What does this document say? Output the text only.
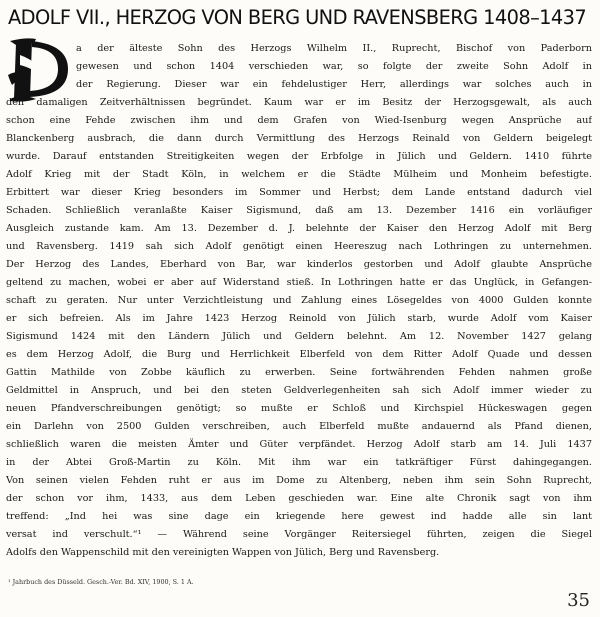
ADOLF VII., HERZOG VON BERG UND RAVENSBERG 1408–1437
D
a der älteste Sohn des Herzogs Wilhelm II., Ruprecht, Bischof von Paderborn
gewesen und schon 1404 verschieden war, so folgte der zweite Sohn Adolf in
der Regierung. Dieser war ein fehdelustiger Herr, allerdings war solches auch in
den damaligen Zeitverhältnissen begründet. Kaum war er im Besitz der Herzogsgewalt, als auch
schon eine Fehde zwischen ihm und dem Grafen von Wied-Isenburg wegen Ansprüche auf
Blanckenberg ausbrach, die dann durch Vermittlung des Herzogs Reinald von Geldern beigelegt
wurde. Darauf entstanden Streitigkeiten wegen der Erbfolge in Jülich und Geldern. 1410 führte
Adolf Krieg mit der Stadt Köln, in welchem er die Städte Mülheim und Monheim befestigte.
Erbittert war dieser Krieg besonders im Sommer und Herbst; dem Lande entstand dadurch viel
Schaden. Schließlich veranlaßte Kaiser Sigismund, daß am 13. Dezember 1416 ein vorläufiger
Ausgleich zustande kam. Am 13. Dezember d. J. belehnte der Kaiser den Herzog Adolf mit Berg
und Ravensberg. 1419 sah sich Adolf genötigt einen Heereszug nach Lothringen zu unternehmen.
Der Herzog des Landes, Eberhard von Bar, war kinderlos gestorben und Adolf glaubte Ansprüche
geltend zu machen, wobei er aber auf Widerstand stieß. In Lothringen hatte er das Unglück, in Gefangen-
schaft zu geraten. Nur unter Verzichtleistung und Zahlung eines Lösegeldes von 4000 Gulden konnte
er sich befreien. Als im Jahre 1423 Herzog Reinold von Jülich starb, wurde Adolf vom Kaiser
Sigismund 1424 mit den Ländern Jülich und Geldern belehnt. Am 12. November 1427 gelang
es dem Herzog Adolf, die Burg und Herrlichkeit Elberfeld von dem Ritter Adolf Quade und dessen
Gattin Mathilde von Zobbe käuflich zu erwerben. Seine fortwährenden Fehden nahmen große
Geldmittel in Anspruch, und bei den steten Geldverlegenheiten sah sich Adolf immer wieder zu
neuen Pfandverschreibungen genötigt; so mußte er Schloß und Kirchspiel Hückeswagen gegen
ein Darlehn von 2500 Gulden verschreiben, auch Elberfeld mußte andauernd als Pfand dienen,
schließlich waren die meisten Ämter und Güter verpfändet. Herzog Adolf starb am 14. Juli 1437
in der Abtei Groß-Martin zu Köln. Mit ihm war ein tatkräftiger Fürst dahingegangen.
Von seinen vielen Fehden ruht er aus im Dome zu Altenberg, neben ihm sein Sohn Ruprecht,
der schon vor ihm, 1433, aus dem Leben geschieden war. Eine alte Chronik sagt von ihm
treffend: „Ind hei was sine dage ein kriegende here gewest ind hadde alle sin lant
versat ind verschult.“¹ — Während seine Vorgänger Reitersiegel führten, zeigen die Siegel
Adolfs den Wappenschild mit den vereinigten Wappen von Jülich, Berg und Ravensberg.
¹ Jahrbuch des Düsseld. Gesch.-Ver. Bd. XIV, 1900, S. 1 A.
35
